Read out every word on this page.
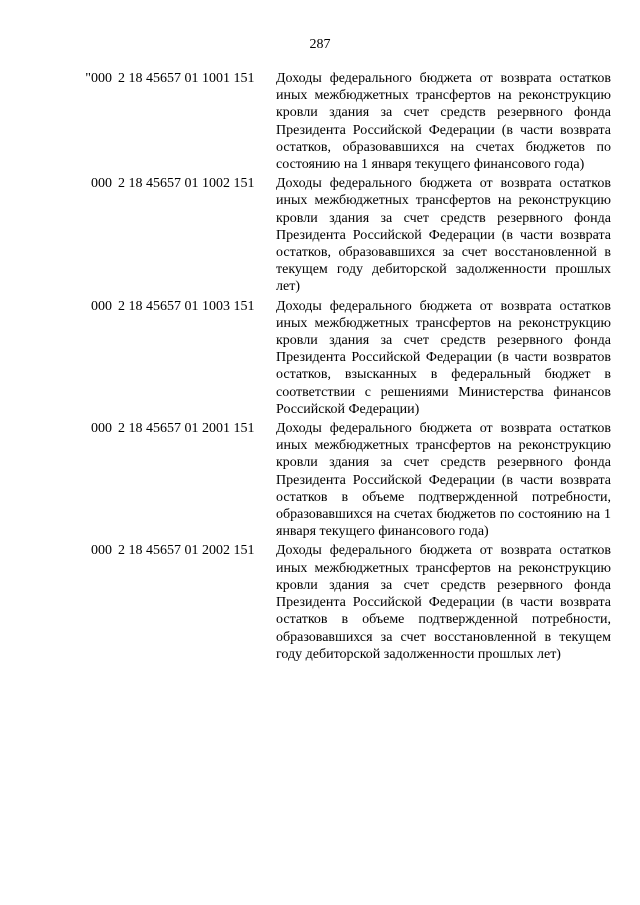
287
"000 2 18 45657 01 1001 151 Доходы федерального бюджета от возврата остатков иных межбюджетных трансфертов на реконструкцию кровли здания за счет средств резервного фонда Президента Российской Федерации (в части возврата остатков, образовавшихся на счетах бюджетов по состоянию на 1 января текущего финансового года)
000 2 18 45657 01 1002 151 Доходы федерального бюджета от возврата остатков иных межбюджетных трансфертов на реконструкцию кровли здания за счет средств резервного фонда Президента Российской Федерации (в части возврата остатков, образовавшихся за счет восстановленной в текущем году дебиторской задолженности прошлых лет)
000 2 18 45657 01 1003 151 Доходы федерального бюджета от возврата остатков иных межбюджетных трансфертов на реконструкцию кровли здания за счет средств резервного фонда Президента Российской Федерации (в части возвратов остатков, взысканных в федеральный бюджет в соответствии с решениями Министерства финансов Российской Федерации)
000 2 18 45657 01 2001 151 Доходы федерального бюджета от возврата остатков иных межбюджетных трансфертов на реконструкцию кровли здания за счет средств резервного фонда Президента Российской Федерации (в части возврата остатков в объеме подтвержденной потребности, образовавшихся на счетах бюджетов по состоянию на 1 января текущего финансового года)
000 2 18 45657 01 2002 151 Доходы федерального бюджета от возврата остатков иных межбюджетных трансфертов на реконструкцию кровли здания за счет средств резервного фонда Президента Российской Федерации (в части возврата остатков в объеме подтвержденной потребности, образовавшихся за счет восстановленной в текущем году дебиторской задолженности прошлых лет)
